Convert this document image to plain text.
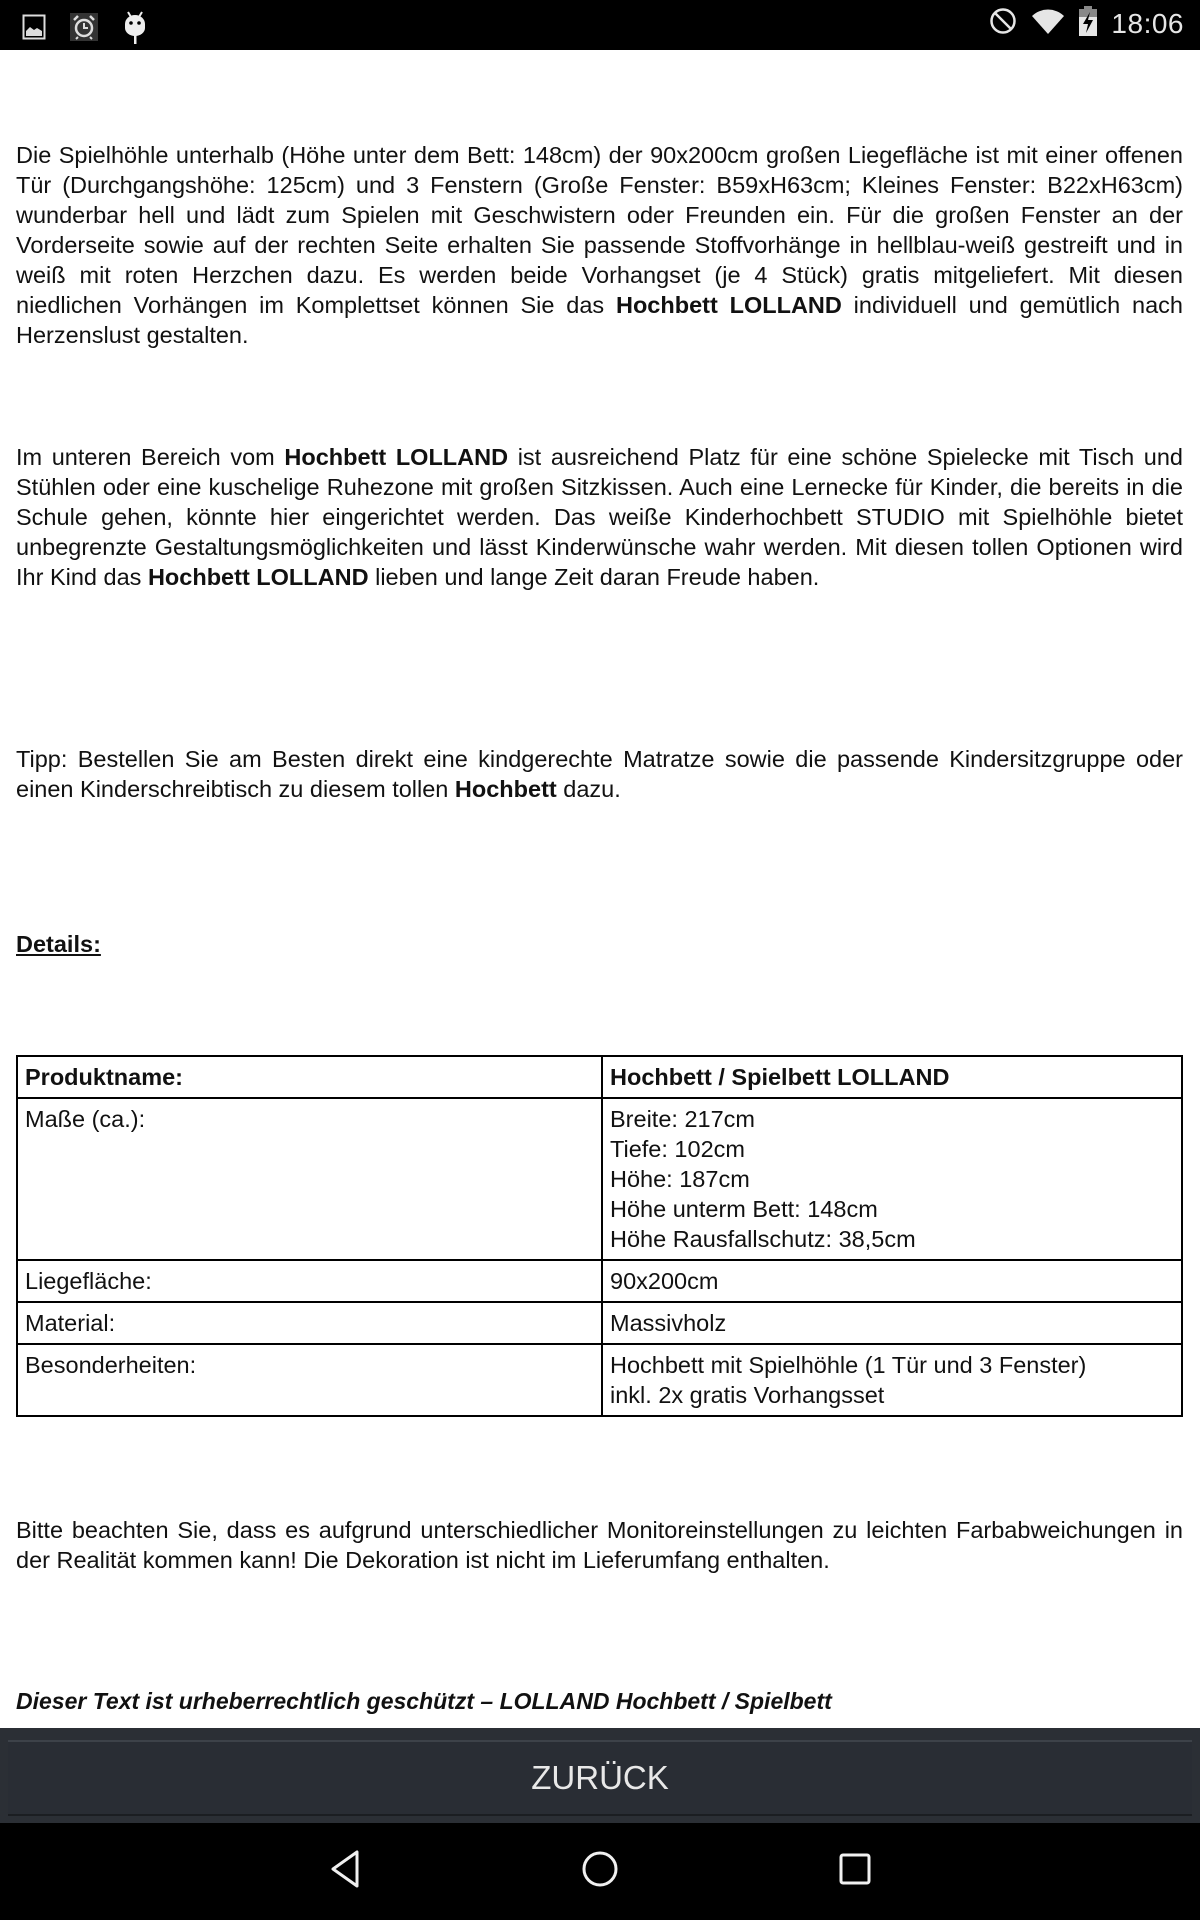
18:06

Die Spielhöhle unterhalb (Höhe unter dem Bett: 148cm) der 90x200cm großen Liegefläche ist mit einer offenen Tür (Durchgangshöhe: 125cm) und 3 Fenstern (Große Fenster: B59xH63cm; Kleines Fenster: B22xH63cm) wunderbar hell und lädt zum Spielen mit Geschwistern oder Freunden ein. Für die großen Fenster an der Vorderseite sowie auf der rechten Seite erhalten Sie passende Stoffvorhänge in hellblau-weiß gestreift und in weiß mit roten Herzchen dazu. Es werden beide Vorhangset (je 4 Stück) gratis mitgeliefert. Mit diesen niedlichen Vorhängen im Komplettset können Sie das Hochbett LOLLAND individuell und gemütlich nach Herzenslust gestalten.

Im unteren Bereich vom Hochbett LOLLAND ist ausreichend Platz für eine schöne Spielecke mit Tisch und Stühlen oder eine kuschelige Ruhezone mit großen Sitzkissen. Auch eine Lernecke für Kinder, die bereits in die Schule gehen, könnte hier eingerichtet werden. Das weiße Kinderhochbett STUDIO mit Spielhöhle bietet unbegrenzte Gestaltungsmöglichkeiten und lässt Kinderwünsche wahr werden. Mit diesen tollen Optionen wird Ihr Kind das Hochbett LOLLAND lieben und lange Zeit daran Freude haben.

Tipp: Bestellen Sie am Besten direkt eine kindgerechte Matratze sowie die passende Kindersitzgruppe oder einen Kinderschreibtisch zu diesem tollen Hochbett dazu.

Details:
Produktname:	Hochbett / Spielbett LOLLAND
Maße (ca.):	Breite: 217cm
Tiefe: 102cm
Höhe: 187cm
Höhe unterm Bett: 148cm
Höhe Rausfallschutz: 38,5cm

Liegefläche:	90x200cm
Material:	Massivholz
Besonderheiten:	Hochbett mit Spielhöhle (1 Tür und 3 Fenster)
inkl. 2x gratis Vorhangsset

Bitte beachten Sie, dass es aufgrund unterschiedlicher Monitoreinstellungen zu leichten Farbabweichungen in der Realität kommen kann! Die Dekoration ist nicht im Lieferumfang enthalten.

Dieser Text ist urheberrechtlich geschützt – LOLLAND Hochbett / Spielbett
ZURÜCK
